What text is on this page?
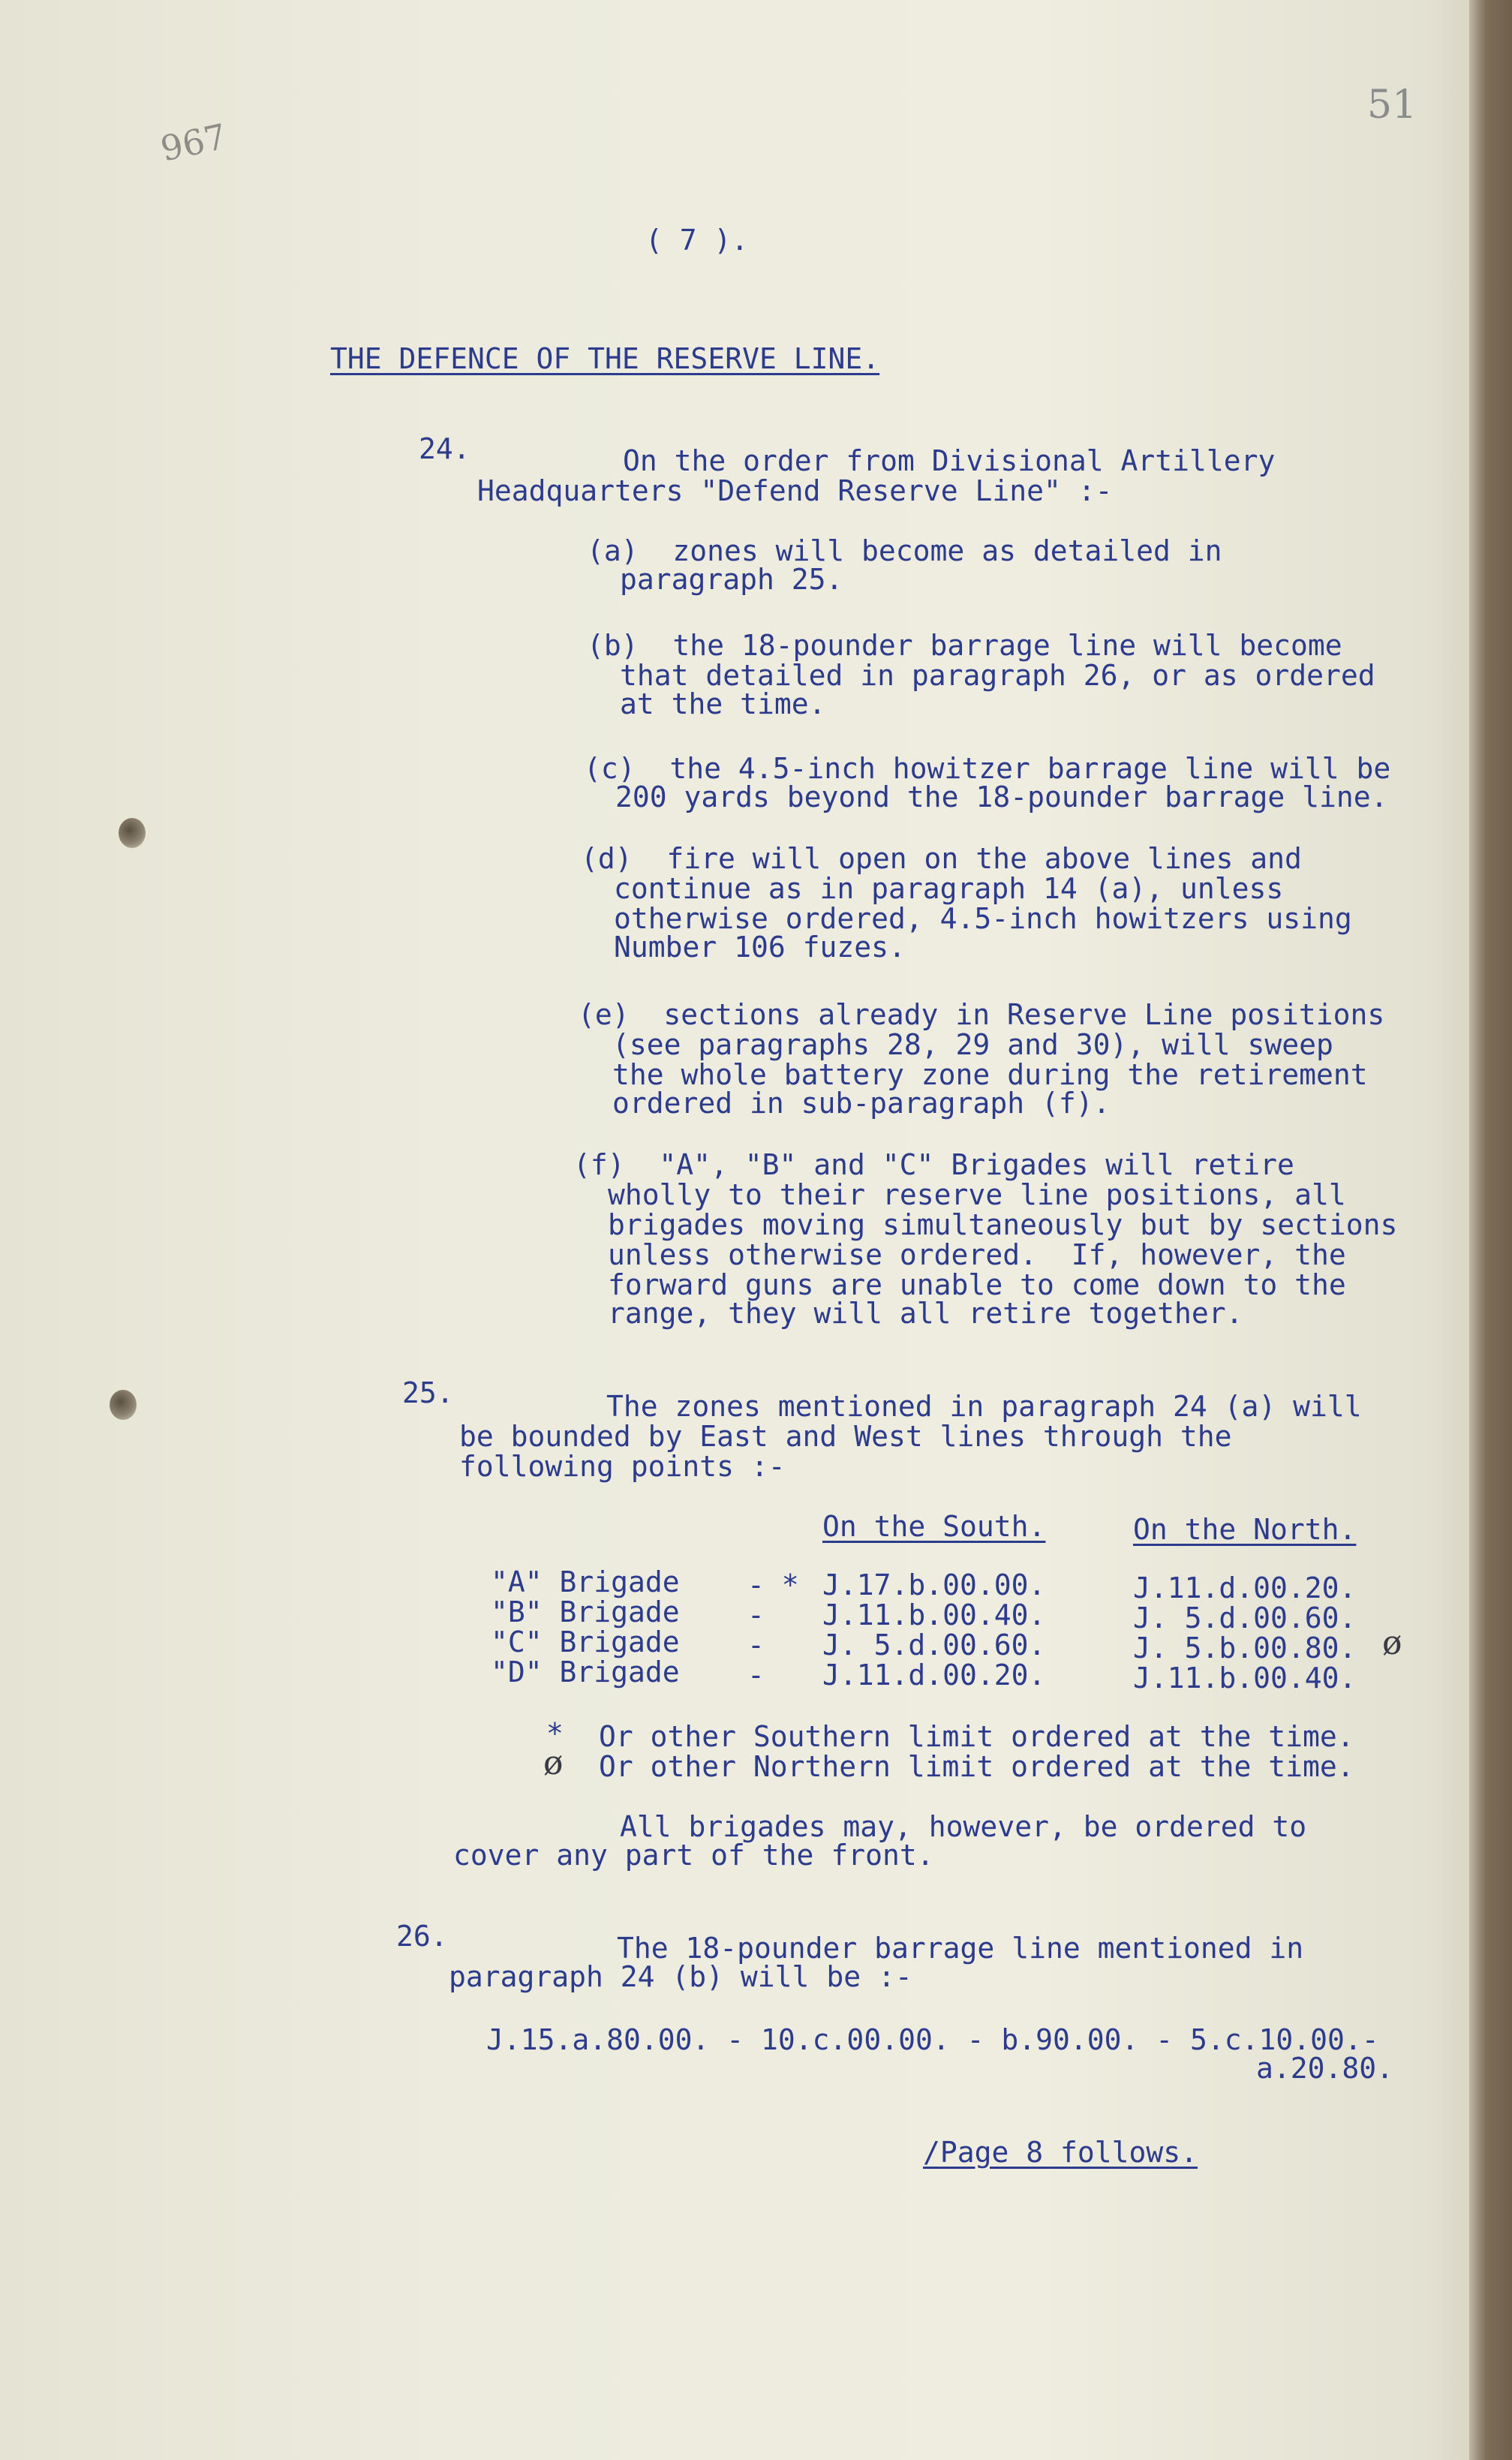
967
51
( 7 ).
THE DEFENCE OF THE RESERVE LINE.
24.	On the order from Divisional Artillery
Headquarters "Defend Reserve Line" :-
(a)  zones will become as detailed in
paragraph 25.
(b)  the 18-pounder barrage line will become
that detailed in paragraph 26, or as ordered
at the time.
(c)  the 4.5-inch howitzer barrage line will be
200 yards beyond the 18-pounder barrage line.
(d)  fire will open on the above lines and
continue as in paragraph 14 (a), unless
otherwise ordered, 4.5-inch howitzers using
Number 106 fuzes.
(e)  sections already in Reserve Line positions
(see paragraphs 28, 29 and 30), will sweep
the whole battery zone during the retirement
ordered in sub-paragraph (f).
(f)  "A", "B" and "C" Brigades will retire
wholly to their reserve line positions, all
brigades moving simultaneously but by sections
unless otherwise ordered.  If, however, the
forward guns are unable to come down to the
range, they will all retire together.
25.	The zones mentioned in paragraph 24 (a) will
be bounded by East and West lines through the
following points :-
On the South.	On the North.
"A" Brigade - * J.17.b.00.00.	J.11.d.00.20.
"B" Brigade - J.11.b.00.40.	J. 5.d.00.60.
"C" Brigade - J. 5.d.00.60.	J. 5.b.00.80. ø
"D" Brigade - J.11.d.00.20.	J.11.b.00.40.
* Or other Southern limit ordered at the time.
ø Or other Northern limit ordered at the time.
All brigades may, however, be ordered to
cover any part of the front.
26.	The 18-pounder barrage line mentioned in
paragraph 24 (b) will be :-
J.15.a.80.00. - 10.c.00.00. - b.90.00. - 5.c.10.00.-
a.20.80.
/Page 8 follows.
